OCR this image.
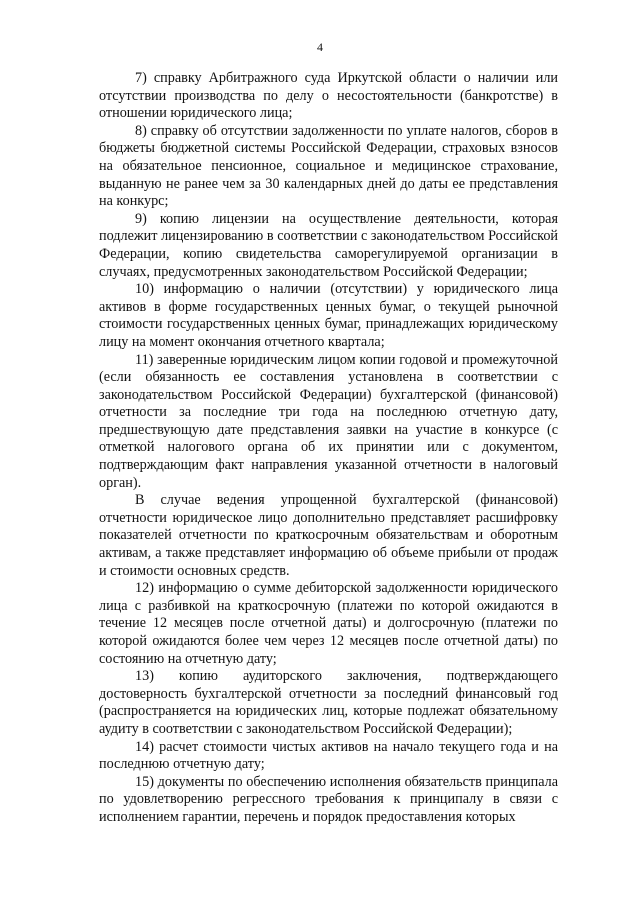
4

7) справку Арбитражного суда Иркутской области о наличии или отсутствии производства по делу о несостоятельности (банкротстве) в отношении юридического лица;

8) справку об отсутствии задолженности по уплате налогов, сборов в бюджеты бюджетной системы Российской Федерации, страховых взносов на обязательное пенсионное, социальное и медицинское страхование, выданную не ранее чем за 30 календарных дней до даты ее представления на конкурс;

9) копию лицензии на осуществление деятельности, которая подлежит лицензированию в соответствии с законодательством Российской Федерации, копию свидетельства саморегулируемой организации в случаях, предусмотренных законодательством Российской Федерации;

10) информацию о наличии (отсутствии) у юридического лица активов в форме государственных ценных бумаг, о текущей рыночной стоимости государственных ценных бумаг, принадлежащих юридическому лицу на момент окончания отчетного квартала;

11) заверенные юридическим лицом копии годовой и промежуточной (если обязанность ее составления установлена в соответствии с законодательством Российской Федерации) бухгалтерской (финансовой) отчетности за последние три года на последнюю отчетную дату, предшествующую дате представления заявки на участие в конкурсе (с отметкой налогового органа об их принятии или с документом, подтверждающим факт направления указанной отчетности в налоговый орган).

В случае ведения упрощенной бухгалтерской (финансовой) отчетности юридическое лицо дополнительно представляет расшифровку показателей отчетности по краткосрочным обязательствам и оборотным активам, а также представляет информацию об объеме прибыли от продаж и стоимости основных средств.

12) информацию о сумме дебиторской задолженности юридического лица с разбивкой на краткосрочную (платежи по которой ожидаются в течение 12 месяцев после отчетной даты) и долгосрочную (платежи по которой ожидаются более чем через 12 месяцев после отчетной даты) по состоянию на отчетную дату;

13) копию аудиторского заключения, подтверждающего достоверность бухгалтерской отчетности за последний финансовый год (распространяется на юридических лиц, которые подлежат обязательному аудиту в соответствии с законодательством Российской Федерации);

14) расчет стоимости чистых активов на начало текущего года и на последнюю отчетную дату;

15) документы по обеспечению исполнения обязательств принципала по удовлетворению регрессного требования к принципалу в связи с исполнением гарантии, перечень и порядок предоставления которых
